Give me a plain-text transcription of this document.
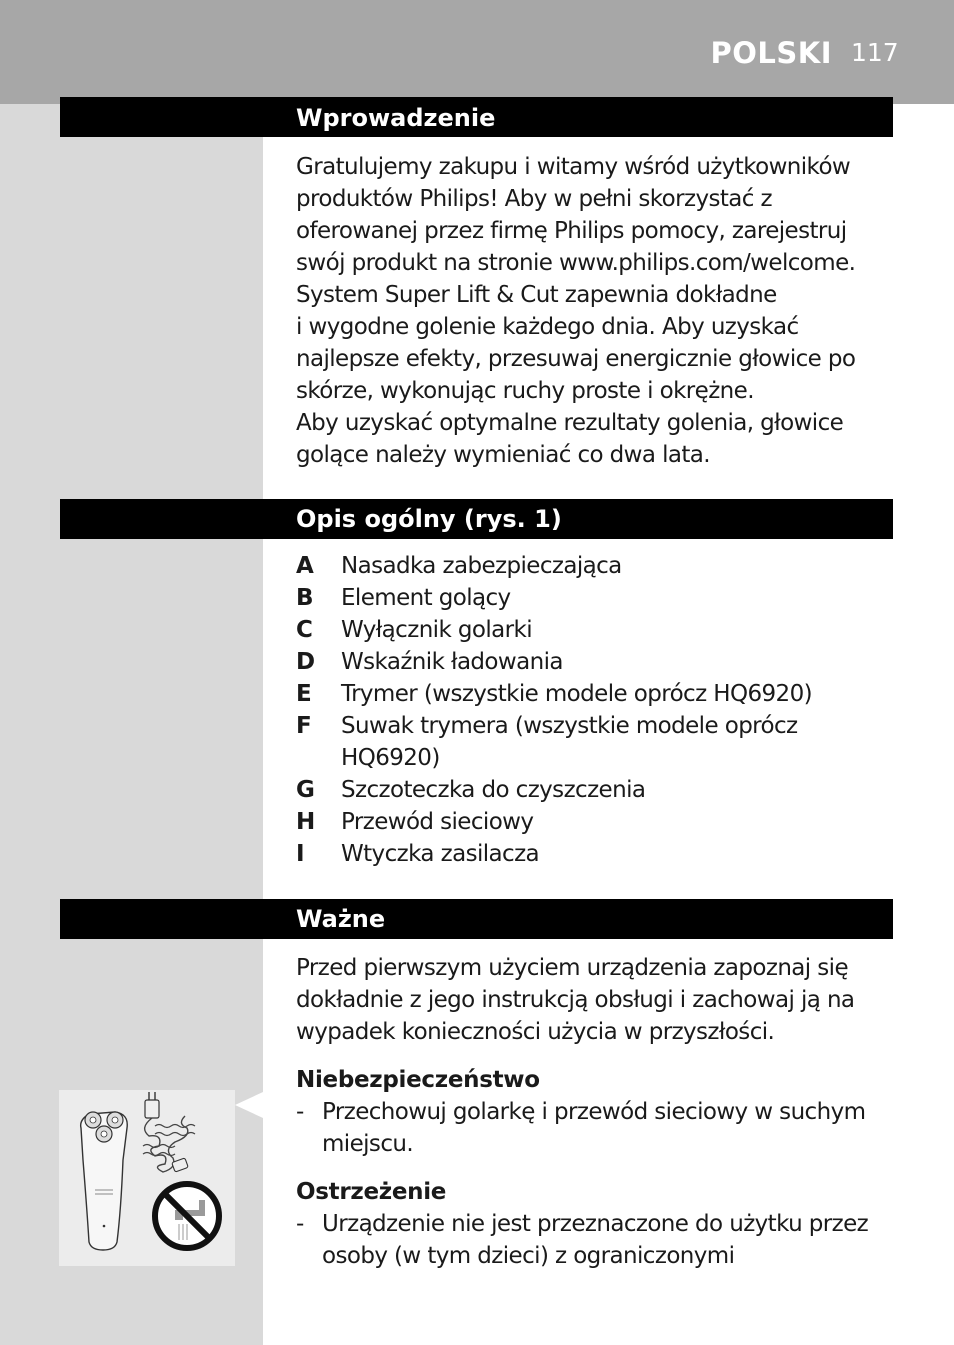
POLSKI 117
Wprowadzenie

Gratulujemy zakupu i witamy wśród użytkowników

produktów Philips! Aby w pełni skorzystać z

oferowanej przez firmę Philips pomocy, zarejestruj

swój produkt na stronie www.philips.com/welcome.

System Super Lift & Cut zapewnia dokładne

i wygodne golenie każdego dnia. Aby uzyskać

najlepsze efekty, przesuwaj energicznie głowice po

skórze, wykonując ruchy proste i okrężne.

Aby uzyskać optymalne rezultaty golenia, głowice

golące należy wymieniać co dwa lata.

Opis ogólny (rys. 1)
A	Nasadka zabezpieczająca
B	Element golący
C	Wyłącznik golarki
D	Wskaźnik ładowania
E	Trymer (wszystkie modele oprócz HQ6920)
F	Suwak trymera (wszystkie modele oprócz HQ6920)
G	Szczoteczka do czyszczenia
H	Przewód sieciowy
I	Wtyczka zasilacza
Ważne

Przed pierwszym użyciem urządzenia zapoznaj się

dokładnie z jego instrukcją obsługi i zachowaj ją na

wypadek konieczności użycia w przyszłości.

Niebezpieczeństwo
- Przechowuj golarkę i przewód sieciowy w suchym miejscu.
Ostrzeżenie
- Urządzenie nie jest przeznaczone do użytku przez osoby (w tym dzieci) z ograniczonymi
